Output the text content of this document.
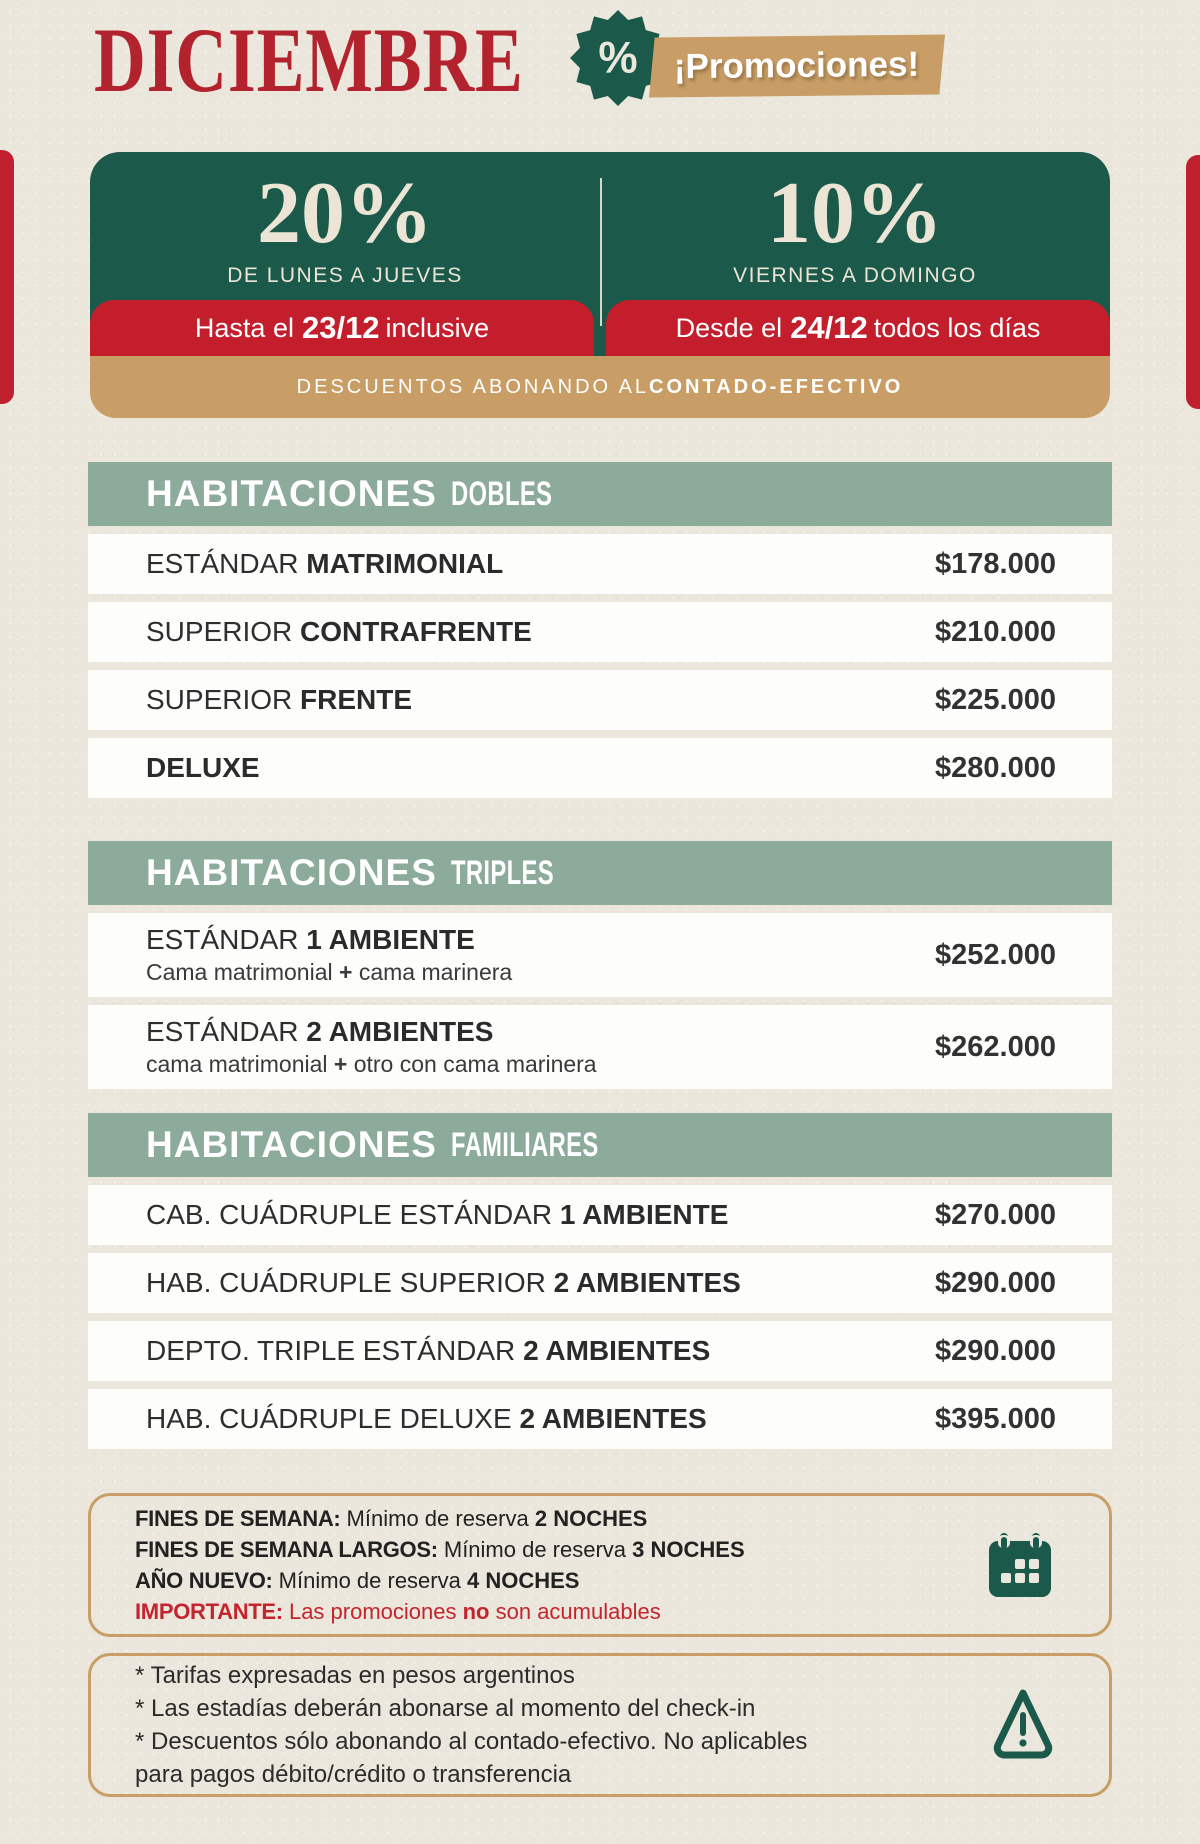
DICIEMBRE % ¡Promociones!
20%
DE LUNES A JUEVES
10%
VIERNES A DOMINGO
Hasta el 23/12 inclusive	Desde el 24/12 todos los días
DESCUENTOS ABONANDO AL CONTADO-EFECTIVO
HABITACIONES DOBLES
ESTÁNDAR MATRIMONIAL	$178.000
SUPERIOR CONTRAFRENTE	$210.000
SUPERIOR FRENTE	$225.000
DELUXE	$280.000
HABITACIONES TRIPLES
ESTÁNDAR 1 AMBIENTE
Cama matrimonial + cama marinera
$252.000
ESTÁNDAR 2 AMBIENTES
cama matrimonial + otro con cama marinera
$262.000
HABITACIONES FAMILIARES
CAB. CUÁDRUPLE ESTÁNDAR 1 AMBIENTE	$270.000
HAB. CUÁDRUPLE SUPERIOR 2 AMBIENTES	$290.000
DEPTO. TRIPLE ESTÁNDAR 2 AMBIENTES	$290.000
HAB. CUÁDRUPLE DELUXE 2 AMBIENTES	$395.000
FINES DE SEMANA: Mínimo de reserva 2 NOCHES
FINES DE SEMANA LARGOS: Mínimo de reserva 3 NOCHES
AÑO NUEVO: Mínimo de reserva 4 NOCHES
IMPORTANTE: Las promociones no son acumulables
* Tarifas expresadas en pesos argentinos
* Las estadías deberán abonarse al momento del check-in
* Descuentos sólo abonando al contado-efectivo. No aplicables
para pagos débito/crédito o transferencia
